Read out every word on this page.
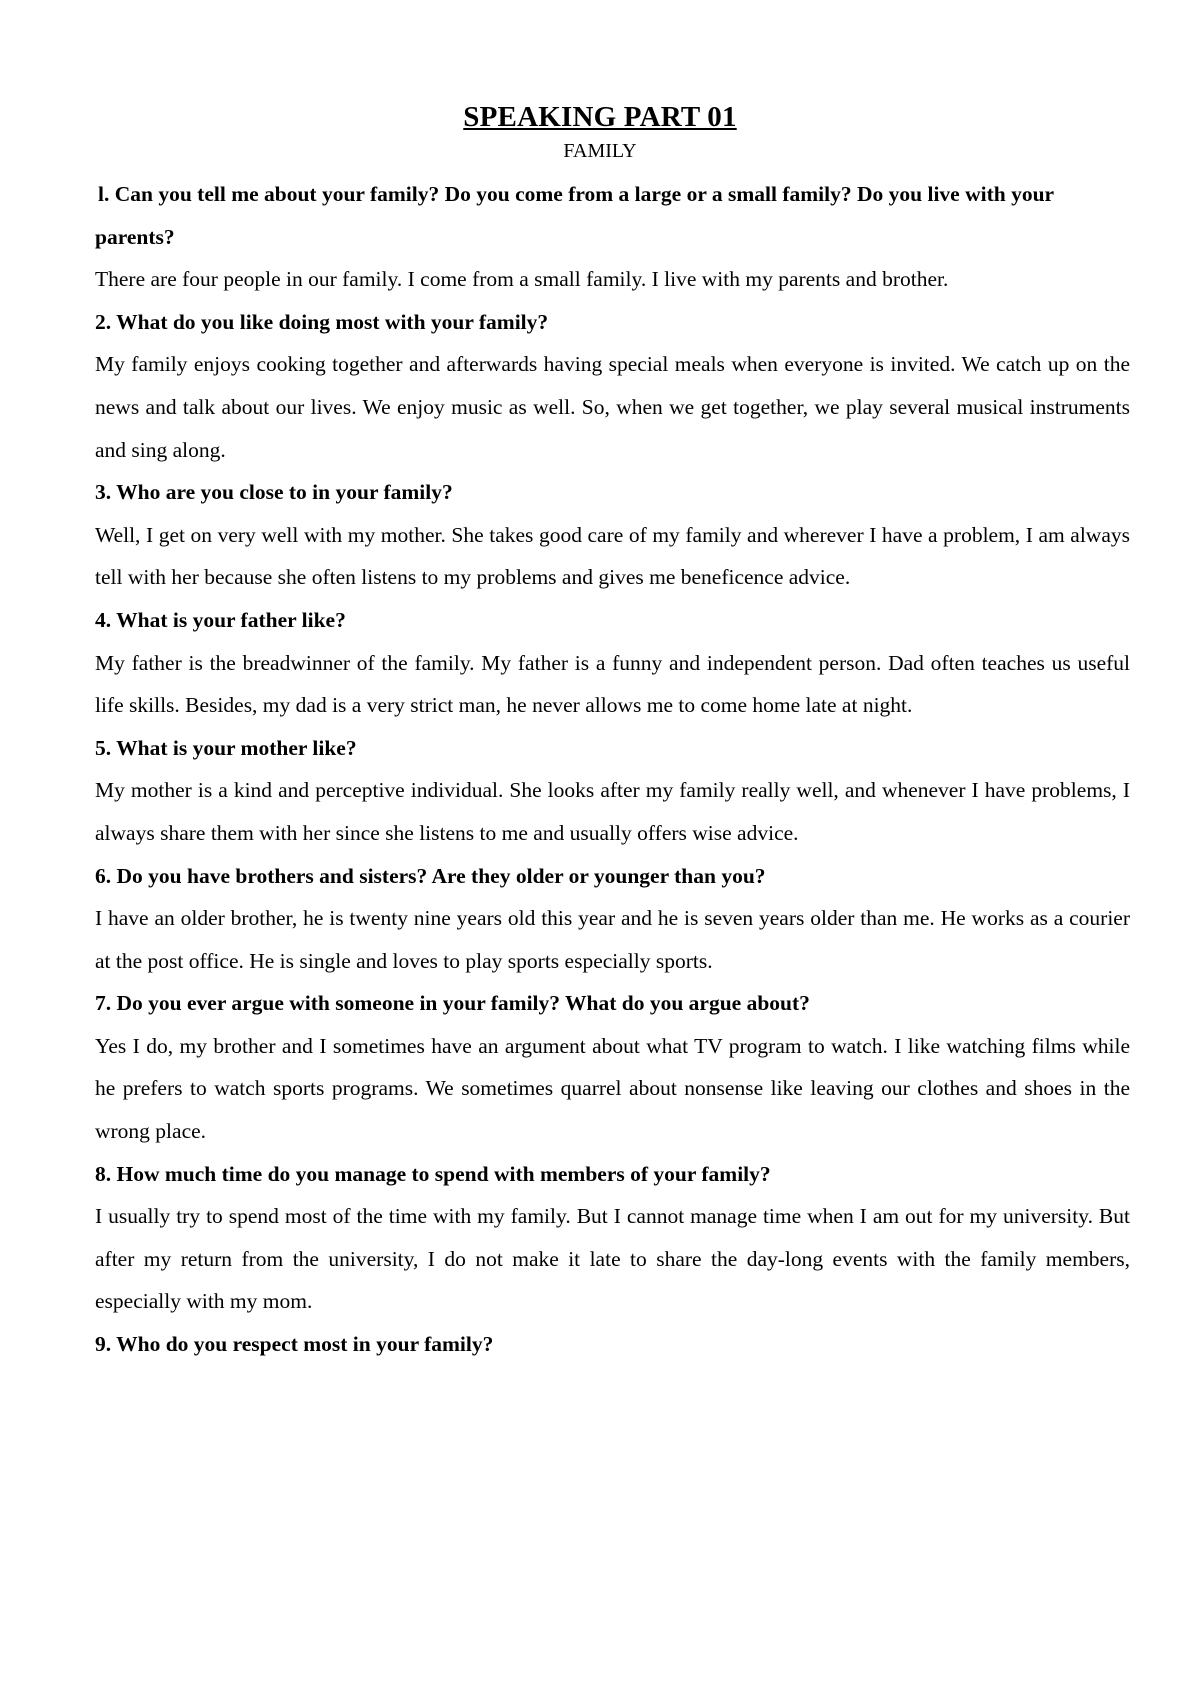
SPEAKING PART 01
FAMILY

l. Can you tell me about your family? Do you come from a large or a small family? Do you live with your parents?

There are four people in our family. I come from a small family. I live with my parents and brother.

2. What do you like doing most with your family?

My family enjoys cooking together and afterwards having special meals when everyone is invited. We catch up on the news and talk about our lives. We enjoy music as well. So, when we get together, we play several musical instruments and sing along.

3. Who are you close to in your family?

Well, I get on very well with my mother. She takes good care of my family and wherever I have a problem, I am always tell with her because she often listens to my problems and gives me beneficence advice.

4. What is your father like?

My father is the breadwinner of the family. My father is a funny and independent person. Dad often teaches us useful life skills. Besides, my dad is a very strict man, he never allows me to come home late at night.

5. What is your mother like?

My mother is a kind and perceptive individual. She looks after my family really well, and whenever I have problems, I always share them with her since she listens to me and usually offers wise advice.

6. Do you have brothers and sisters? Are they older or younger than you?

I have an older brother, he is twenty nine years old this year and he is seven years older than me. He works as a courier at the post office. He is single and loves to play sports especially sports.

7. Do you ever argue with someone in your family? What do you argue about?

Yes I do, my brother and I sometimes have an argument about what TV program to watch. I like watching films while he prefers to watch sports programs. We sometimes quarrel about nonsense like leaving our clothes and shoes in the wrong place.

8. How much time do you manage to spend with members of your family?

I usually try to spend most of the time with my family. But I cannot manage time when I am out for my university. But after my return from the university, I do not make it late to share the day-long events with the family members, especially with my mom.

9. Who do you respect most in your family?
